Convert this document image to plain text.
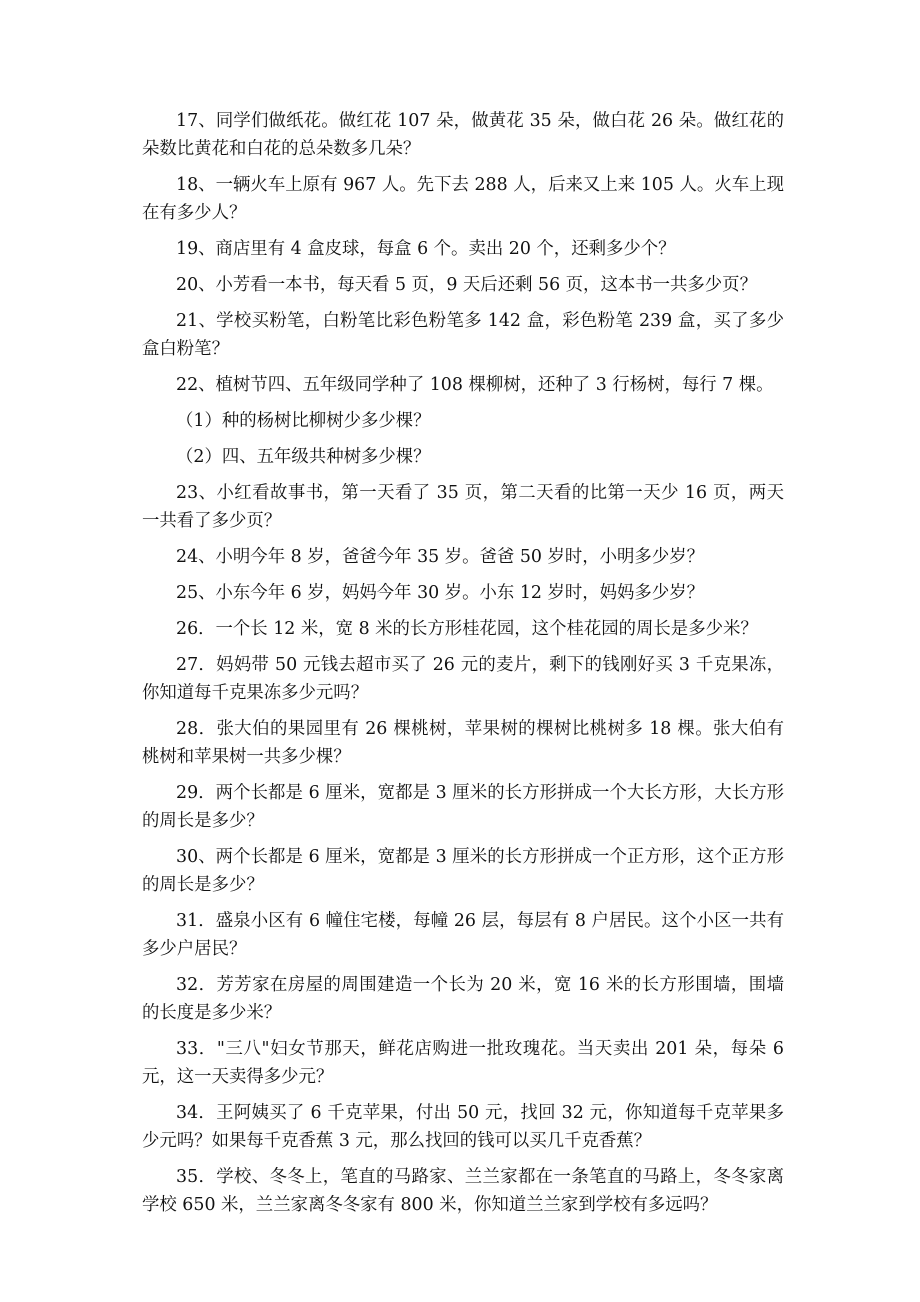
17、同学们做纸花。做红花 107 朵，做黄花 35 朵，做白花 26 朵。做红花的朵数比黄花和白花的总朵数多几朵？

18、一辆火车上原有 967 人。先下去 288 人，后来又上来 105 人。火车上现在有多少人？

19、商店里有 4 盒皮球，每盒 6 个。卖出 20 个，还剩多少个？

20、小芳看一本书，每天看 5 页，9 天后还剩 56 页，这本书一共多少页？

21、学校买粉笔，白粉笔比彩色粉笔多 142 盒，彩色粉笔 239 盒，买了多少盒白粉笔？

22、植树节四、五年级同学种了 108 棵柳树，还种了 3 行杨树，每行 7 棵。

（1）种的杨树比柳树少多少棵？

（2）四、五年级共种树多少棵？

23、小红看故事书，第一天看了 35 页，第二天看的比第一天少 16 页，两天一共看了多少页？

24、小明今年 8 岁，爸爸今年 35 岁。爸爸 50 岁时，小明多少岁？

25、小东今年 6 岁，妈妈今年 30 岁。小东 12 岁时，妈妈多少岁？

26．一个长 12 米，宽 8 米的长方形桂花园，这个桂花园的周长是多少米？

27．妈妈带 50 元钱去超市买了 26 元的麦片，剩下的钱刚好买 3 千克果冻，你知道每千克果冻多少元吗？

28．张大伯的果园里有 26 棵桃树，苹果树的棵树比桃树多 18 棵。张大伯有桃树和苹果树一共多少棵？

29．两个长都是 6 厘米，宽都是 3 厘米的长方形拼成一个大长方形，大长方形的周长是多少？

30、两个长都是 6 厘米，宽都是 3 厘米的长方形拼成一个正方形，这个正方形的周长是多少？

31．盛泉小区有 6 幢住宅楼，每幢 26 层，每层有 8 户居民。这个小区一共有多少户居民？

32．芳芳家在房屋的周围建造一个长为 20 米，宽 16 米的长方形围墙，围墙的长度是多少米？

33．"三八"妇女节那天，鲜花店购进一批玫瑰花。当天卖出 201 朵，每朵 6 元，这一天卖得多少元？

34．王阿姨买了 6 千克苹果，付出 50 元，找回 32 元，你知道每千克苹果多少元吗？如果每千克香蕉 3 元，那么找回的钱可以买几千克香蕉？

35．学校、冬冬上，笔直的马路家、兰兰家都在一条笔直的马路上，冬冬家离学校 650 米，兰兰家离冬冬家有 800 米，你知道兰兰家到学校有多远吗？
